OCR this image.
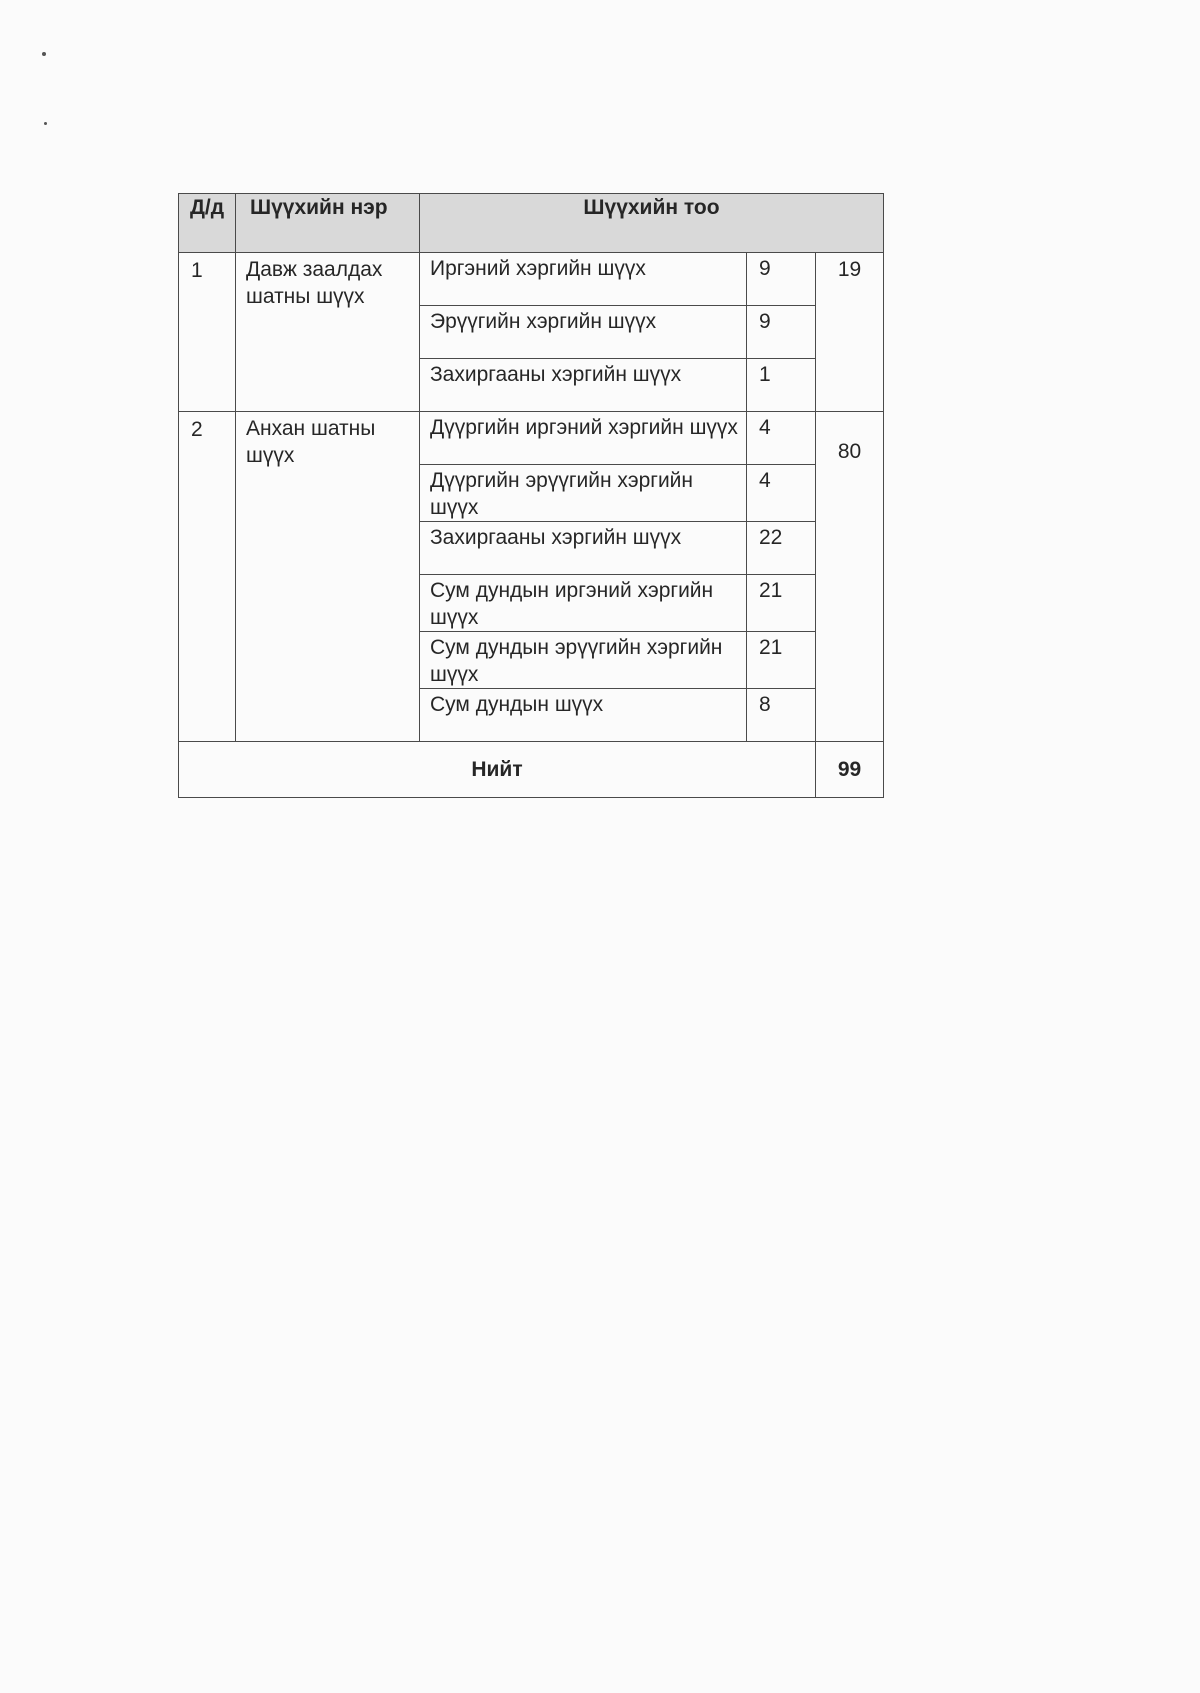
Д/д	Шүүхийн нэр	Шүүхийн тоо		
1	Давж заалдах шатны шүүх	Иргэний хэргийн шүүх	9	19
		Эрүүгийн хэргийн шүүх	9	
		Захиргааны хэргийн шүүх	1	
2	Анхан шатны шүүх	Дүүргийн иргэний хэргийн шүүх	4	80
		Дүүргийн эрүүгийн хэргийн шүүх	4	
		Захиргааны хэргийн шүүх	22	
		Сум дундын иргэний хэргийн шүүх	21	
		Сум дундын эрүүгийн хэргийн шүүх	21	
		Сум дундын шүүх	8	
Нийт				99
